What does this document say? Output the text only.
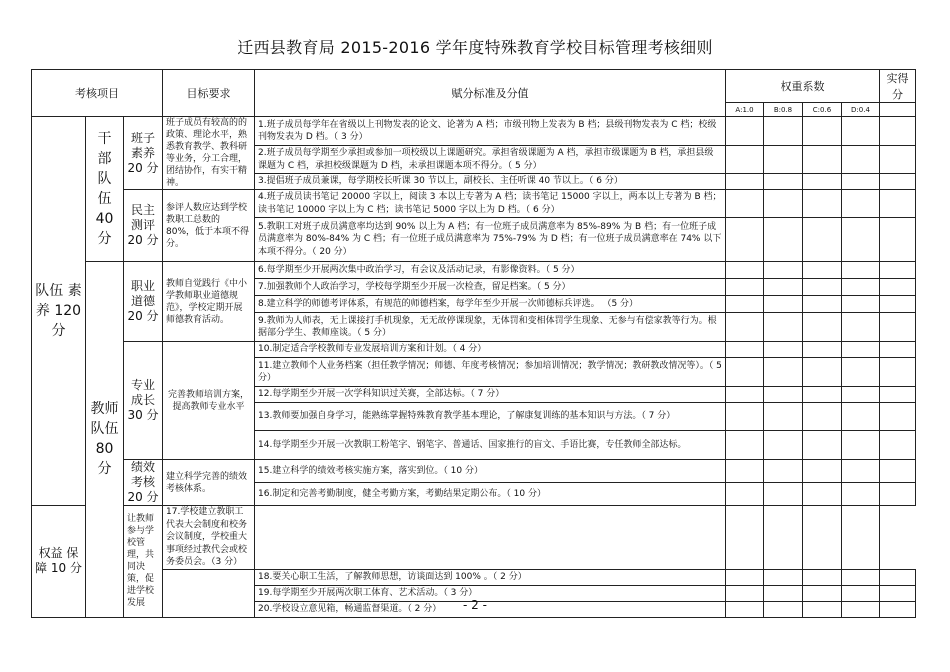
迁西县教育局 2015-2016 学年度特殊教育学校目标管理考核细则
考核项目			目标要求	赋分标准及分值	权重系数				实得分
					A:1.0	B:0.8	C:0.6	D:0.4	
队伍 素养 120分	干 部 队 伍 40分	班子 素养 20 分	班子成员有较高的的政策、理论水平，熟悉教育教学、教科研等业务，分工合理，团结协作，有实干精神。	1.班子成员每学年在省级以上刊物发表的论文、论著为 A 档；市级刊物上发表为 B 档；县级刊物发表为 C 档；校级刊物发表为 D 档。（ 3 分）					
				2.班子成员每学期至少承担或参加一项校级以上课题研究。承担省级课题为 A 档，承担市级课题为 B 档，承担县级课题为 C 档，承担校级课题为 D 档，未承担课题本项不得分。（ 5 分）					
				3.提倡班子成员兼课，每学期校长听课 30 节以上，副校长、主任听课 40 节以上。（ 6 分）					
		民主 测评 20 分	参评人数应达到学校教职工总数的 80%，低于本项不得分。	4.班子成员读书笔记 20000 字以上，阅读 3 本以上专著为 A 档；读书笔记 15000 字以上，两本以上专著为 B 档；读书笔记 10000 字以上为 C 档；读书笔记 5000 字以上为 D 档。（ 6 分）					
				5.教职工对班子成员满意率均达到 90% 以上为 A 档；有一位班子成员满意率为 85%-89% 为 B 档；有一位班子成员满意率为 80%-84% 为 C 档；有一位班子成员满意率为 75%-79% 为 D 档；有一位班子成员满意率在 74% 以下本项不得分。（ 20 分）					
	教师 队伍 80分	职业 道德 20 分	教师自觉践行《中小学教师职业道德规范》，学校定期开展师德教育活动。	6.每学期至少开展两次集中政治学习，有会议及活动记录，有影像资料。（ 5 分）					
				7.加强教师个人政治学习，学校每学期至少开展一次检查，留足档案。（ 5 分）					
				8.建立科学的师德考评体系，有规范的师德档案，每学年至少开展一次师德标兵评选。 （5 分）					
				9.教师为人师表，无上课接打手机现象，无无故停课现象，无体罚和变相体罚学生现象、无参与有偿家教等行为。根据部分学生、教师座谈。（ 5 分）					
		专业 成长 30 分	完善教师培训方案，提高教师专业水平	10.制定适合学校教师专业发展培训方案和计划。（ 4 分）					
				11.建立教师个人业务档案（担任教学情况；师德、年度考核情况；参加培训情况；教学情况；教研教改情况等）。（ 5 分）					
				12.每学期至少开展一次学科知识过关赛，全部达标。（ 7 分）					
				13.教师要加强自身学习，能熟练掌握特殊教育教学基本理论，了解康复训练的基本知识与方法。（ 7 分）					
				14.每学期至少开展一次教职工粉笔字、钢笔字、普通话、国家推行的盲文、手语比赛，专任教师全部达标。					
		绩效 考核 20 分	建立科学完善的绩效考核体系。	15.建立科学的绩效考核实施方案，落实到位。（ 10 分）					
				16.制定和完善考勤制度，健全考勤方案，考勤结果定期公布。（ 10 分）					
权益 保障 10 分		让教师参与学校管理，共同决策，促进学校发展	17.学校建立教职工代表大会制度和校务会议制度，学校重大事项经过教代会或校务委员会。（3 分）						
				18.要关心职工生活，了解教师思想，访谈面达到 100% 。（ 2 分）					
				19.每学期至少开展两次职工体育、艺术活动。（ 3 分）					
				20.学校设立意见箱，畅通监督渠道。（ 2 分）						- 2 -
